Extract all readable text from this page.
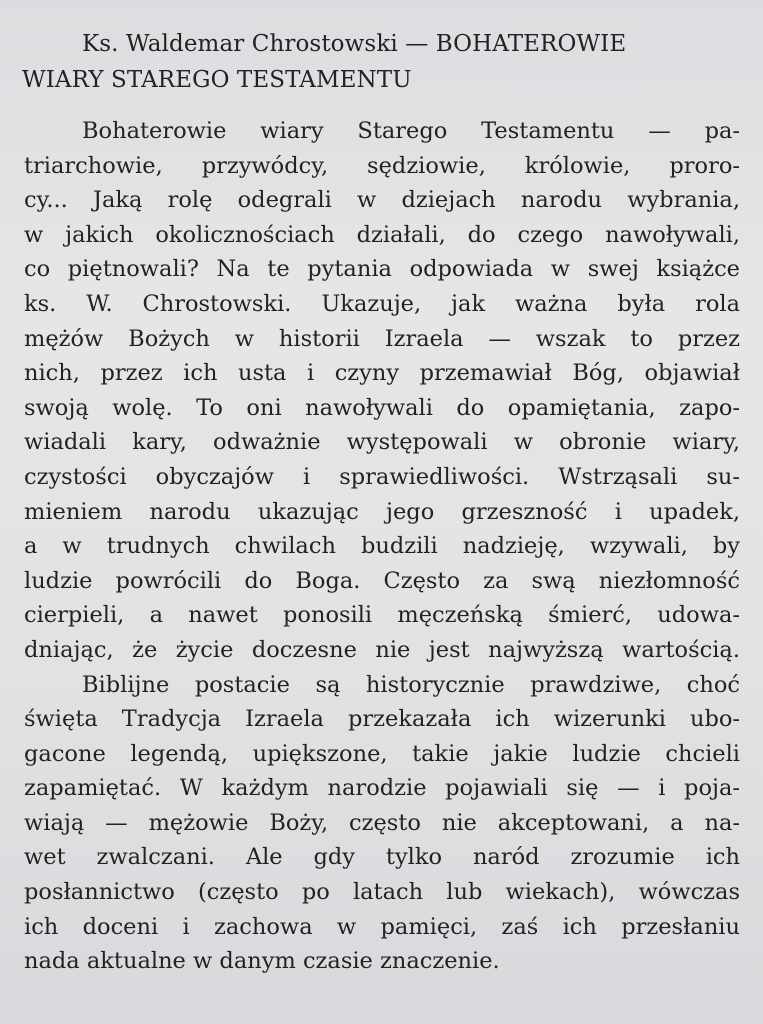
Ks. Waldemar Chrostowski — BOHATEROWIE
WIARY STAREGO TESTAMENTU
Bohaterowie wiary Starego Testamentu — pa-
triarchowie, przywódcy, sędziowie, królowie, proro-
cy... Jaką rolę odegrali w dziejach narodu wybrania,
w jakich okolicznościach działali, do czego nawoływali,
co piętnowali? Na te pytania odpowiada w swej książce
ks. W. Chrostowski. Ukazuje, jak ważna była rola
mężów Bożych w historii Izraela — wszak to przez
nich, przez ich usta i czyny przemawiał Bóg, objawiał
swoją wolę. To oni nawoływali do opamiętania, zapo-
wiadali kary, odważnie występowali w obronie wiary,
czystości obyczajów i sprawiedliwości. Wstrząsali su-
mieniem narodu ukazując jego grzeszność i upadek,
a w trudnych chwilach budzili nadzieję, wzywali, by
ludzie powrócili do Boga. Często za swą niezłomność
cierpieli, a nawet ponosili męczeńską śmierć, udowa-
dniając, że życie doczesne nie jest najwyższą wartością.
Biblijne postacie są historycznie prawdziwe, choć
święta Tradycja Izraela przekazała ich wizerunki ubo-
gacone legendą, upiększone, takie jakie ludzie chcieli
zapamiętać. W każdym narodzie pojawiali się — i poja-
wiają — mężowie Boży, często nie akceptowani, a na-
wet zwalczani. Ale gdy tylko naród zrozumie ich
posłannictwo (często po latach lub wiekach), wówczas
ich doceni i zachowa w pamięci, zaś ich przesłaniu
nada aktualne w danym czasie znaczenie.
